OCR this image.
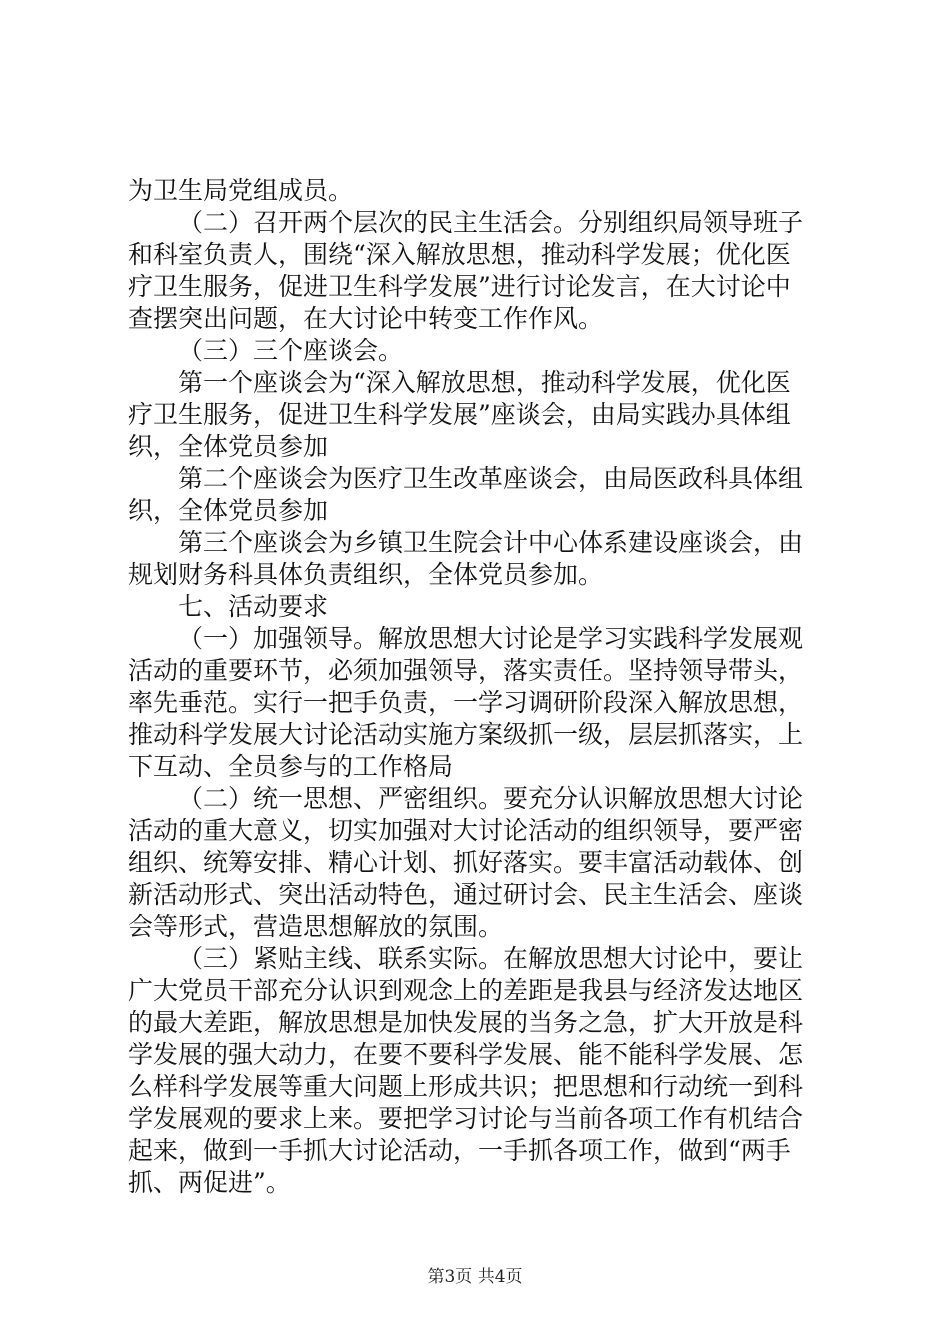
为卫生局党组成员。
（二）召开两个层次的民主生活会。分别组织局领导班子
和科室负责人，围绕“深入解放思想，推动科学发展；优化医
疗卫生服务，促进卫生科学发展”进行讨论发言，在大讨论中
查摆突出问题，在大讨论中转变工作作风。
（三）三个座谈会。
第一个座谈会为“深入解放思想，推动科学发展，优化医
疗卫生服务，促进卫生科学发展”座谈会，由局实践办具体组
织，全体党员参加
第二个座谈会为医疗卫生改革座谈会，由局医政科具体组
织，全体党员参加
第三个座谈会为乡镇卫生院会计中心体系建设座谈会，由
规划财务科具体负责组织，全体党员参加。
七、活动要求
（一）加强领导。解放思想大讨论是学习实践科学发展观
活动的重要环节，必须加强领导，落实责任。坚持领导带头，
率先垂范。实行一把手负责，一学习调研阶段深入解放思想，
推动科学发展大讨论活动实施方案级抓一级，层层抓落实，上
下互动、全员参与的工作格局
（二）统一思想、严密组织。要充分认识解放思想大讨论
活动的重大意义，切实加强对大讨论活动的组织领导，要严密
组织、统筹安排、精心计划、抓好落实。要丰富活动载体、创
新活动形式、突出活动特色，通过研讨会、民主生活会、座谈
会等形式，营造思想解放的氛围。
（三）紧贴主线、联系实际。在解放思想大讨论中，要让
广大党员干部充分认识到观念上的差距是我县与经济发达地区
的最大差距，解放思想是加快发展的当务之急，扩大开放是科
学发展的强大动力，在要不要科学发展、能不能科学发展、怎
么样科学发展等重大问题上形成共识；把思想和行动统一到科
学发展观的要求上来。要把学习讨论与当前各项工作有机结合
起来，做到一手抓大讨论活动，一手抓各项工作，做到“两手
抓、两促进”。
第3页 共4页
